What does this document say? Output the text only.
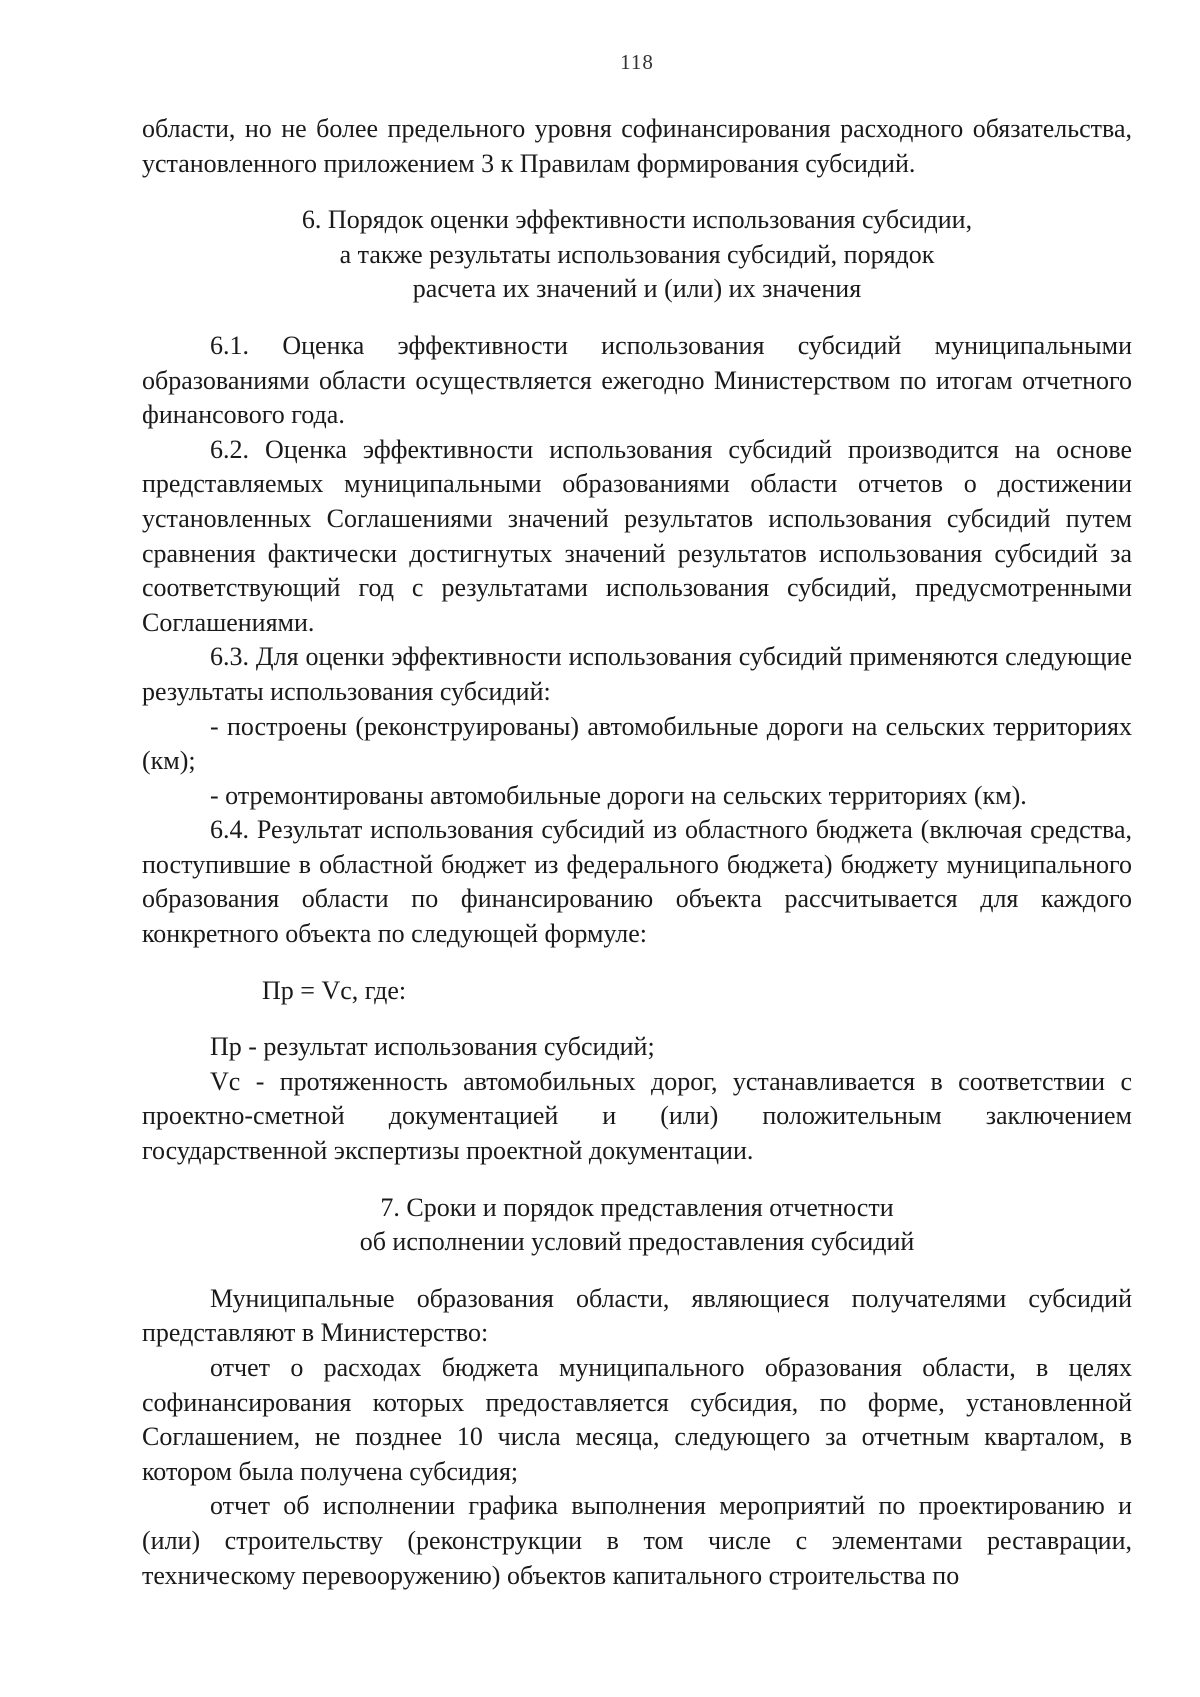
118

области, но не более предельного уровня софинансирования расходного обязательства, установленного приложением 3 к Правилам формирования субсидий.

6. Порядок оценки эффективности использования субсидии,

а также результаты использования субсидий, порядок

расчета их значений и (или) их значения

6.1. Оценка эффективности использования субсидий муниципальными образованиями области осуществляется ежегодно Министерством по итогам отчетного финансового года.

6.2. Оценка эффективности использования субсидий производится на основе представляемых муниципальными образованиями области отчетов о достижении установленных Соглашениями значений результатов использования субсидий путем сравнения фактически достигнутых значений результатов использования субсидий за соответствующий год с результатами использования субсидий, предусмотренными Соглашениями.

6.3. Для оценки эффективности использования субсидий применяются следующие результаты использования субсидий:

- построены (реконструированы) автомобильные дороги на сельских территориях (км);

- отремонтированы автомобильные дороги на сельских территориях (км).

6.4. Результат использования субсидий из областного бюджета (включая средства, поступившие в областной бюджет из федерального бюджета) бюджету муниципального образования области по финансированию объекта рассчитывается для каждого конкретного объекта по следующей формуле:

Пр = Vc, где:

Пр - результат использования субсидий;

Vc - протяженность автомобильных дорог, устанавливается в соответствии с проектно-сметной документацией и (или) положительным заключением государственной экспертизы проектной документации.

7. Сроки и порядок представления отчетности

об исполнении условий предоставления субсидий

Муниципальные образования области, являющиеся получателями субсидий представляют в Министерство:

отчет о расходах бюджета муниципального образования области, в целях софинансирования которых предоставляется субсидия, по форме, установленной Соглашением, не позднее 10 числа месяца, следующего за отчетным кварталом, в котором была получена субсидия;

отчет об исполнении графика выполнения мероприятий по проектированию и (или) строительству (реконструкции в том числе с элементами реставрации, техническому перевооружению) объектов капитального строительства по
